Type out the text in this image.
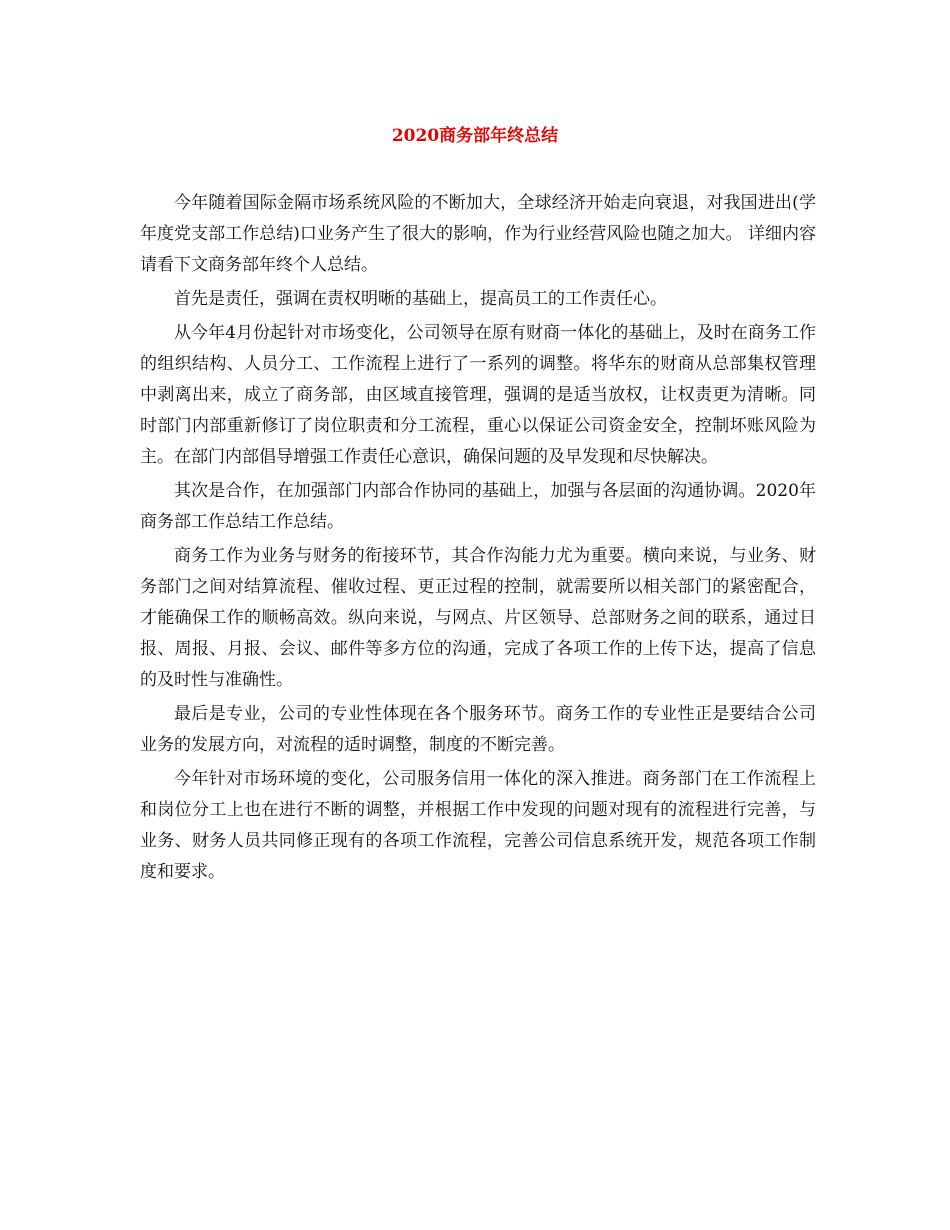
2020商务部年终总结

今年随着国际金隔市场系统风险的不断加大，全球经济开始走向衰退，对我国进出(学年度党支部工作总结)口业务产生了很大的影响，作为行业经营风险也随之加大。 详细内容请看下文商务部年终个人总结。

首先是责任，强调在责权明晰的基础上，提高员工的工作责任心。

从今年4月份起针对市场变化，公司领导在原有财商一体化的基础上，及时在商务工作的组织结构、人员分工、工作流程上进行了一系列的调整。将华东的财商从总部集权管理中剥离出来，成立了商务部，由区域直接管理，强调的是适当放权，让权责更为清晰。同时部门内部重新修订了岗位职责和分工流程，重心以保证公司资金安全，控制坏账风险为主。在部门内部倡导增强工作责任心意识，确保问题的及早发现和尽快解决。

其次是合作，在加强部门内部合作协同的基础上，加强与各层面的沟通协调。2020年商务部工作总结工作总结。

商务工作为业务与财务的衔接环节，其合作沟能力尤为重要。横向来说，与业务、财务部门之间对结算流程、催收过程、更正过程的控制，就需要所以相关部门的紧密配合，才能确保工作的顺畅高效。纵向来说，与网点、片区领导、总部财务之间的联系，通过日报、周报、月报、会议、邮件等多方位的沟通，完成了各项工作的上传下达，提高了信息的及时性与准确性。

最后是专业，公司的专业性体现在各个服务环节。商务工作的专业性正是要结合公司业务的发展方向，对流程的适时调整，制度的不断完善。

今年针对市场环境的变化，公司服务信用一体化的深入推进。商务部门在工作流程上和岗位分工上也在进行不断的调整，并根据工作中发现的问题对现有的流程进行完善，与业务、财务人员共同修正现有的各项工作流程，完善公司信息系统开发，规范各项工作制度和要求。
